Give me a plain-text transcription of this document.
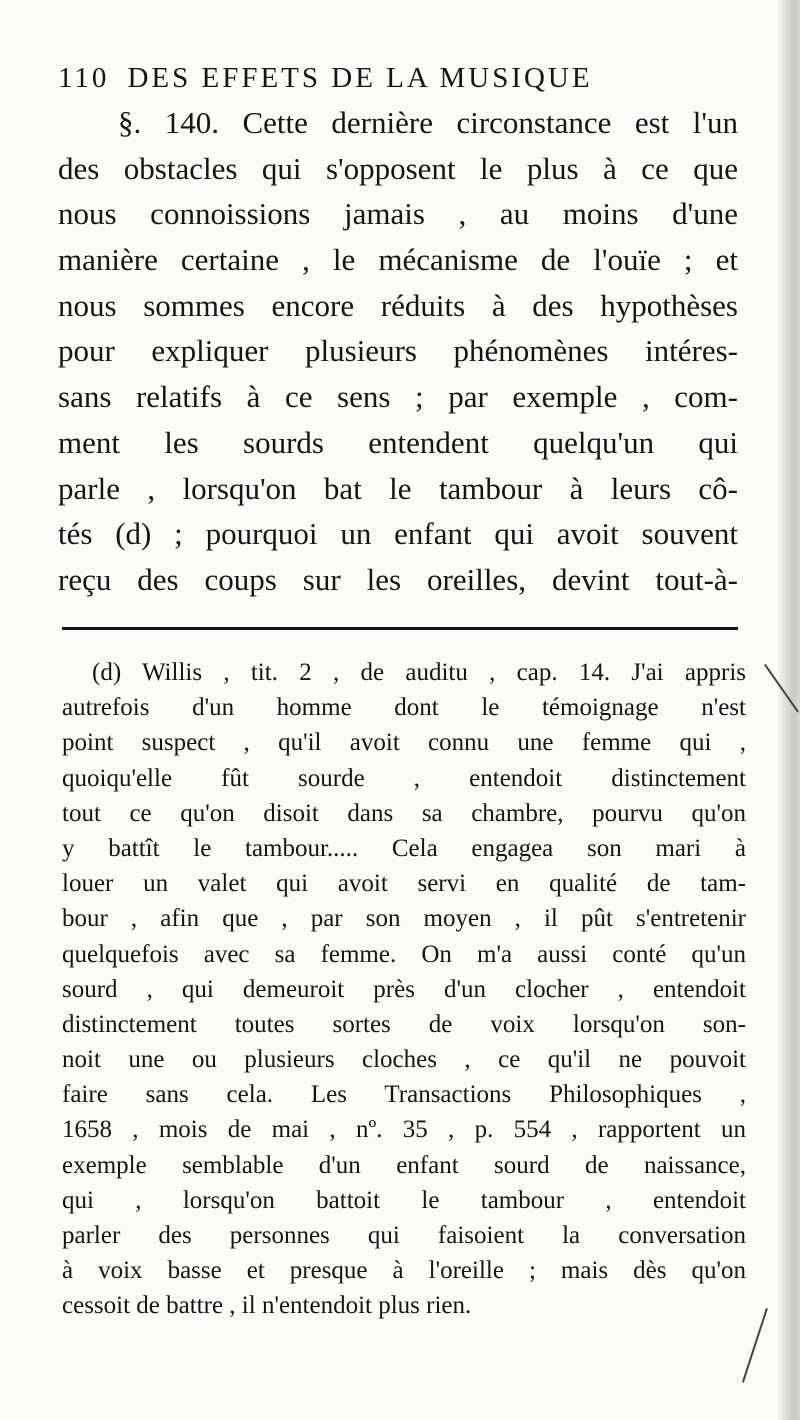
110 DES EFFETS DE LA MUSIQUE
§. 140. Cette dernière circonstance est l'un
des obstacles qui s'opposent le plus à ce que
nous connoissions jamais , au moins d'une
manière certaine , le mécanisme de l'ouïe ; et
nous sommes encore réduits à des hypothèses
pour expliquer plusieurs phénomènes intéres-
sans relatifs à ce sens ; par exemple , com-
ment les sourds entendent quelqu'un qui
parle , lorsqu'on bat le tambour à leurs cô-
tés (d) ; pourquoi un enfant qui avoit souvent
reçu des coups sur les oreilles, devint tout-à-
(d) Willis , tit. 2 , de auditu , cap. 14. J'ai appris
autrefois d'un homme dont le témoignage n'est
point suspect , qu'il avoit connu une femme qui ,
quoiqu'elle fût sourde , entendoit distinctement
tout ce qu'on disoit dans sa chambre, pourvu qu'on
y battît le tambour..... Cela engagea son mari à
louer un valet qui avoit servi en qualité de tam-
bour , afin que , par son moyen , il pût s'entretenir
quelquefois avec sa femme. On m'a aussi conté qu'un
sourd , qui demeuroit près d'un clocher , entendoit
distinctement toutes sortes de voix lorsqu'on son-
noit une ou plusieurs cloches , ce qu'il ne pouvoit
faire sans cela. Les Transactions Philosophiques ,
1658 , mois de mai , nº. 35 , p. 554 , rapportent un
exemple semblable d'un enfant sourd de naissance,
qui , lorsqu'on battoit le tambour , entendoit
parler des personnes qui faisoient la conversation
à voix basse et presque à l'oreille ; mais dès qu'on
cessoit de battre , il n'entendoit plus rien.
